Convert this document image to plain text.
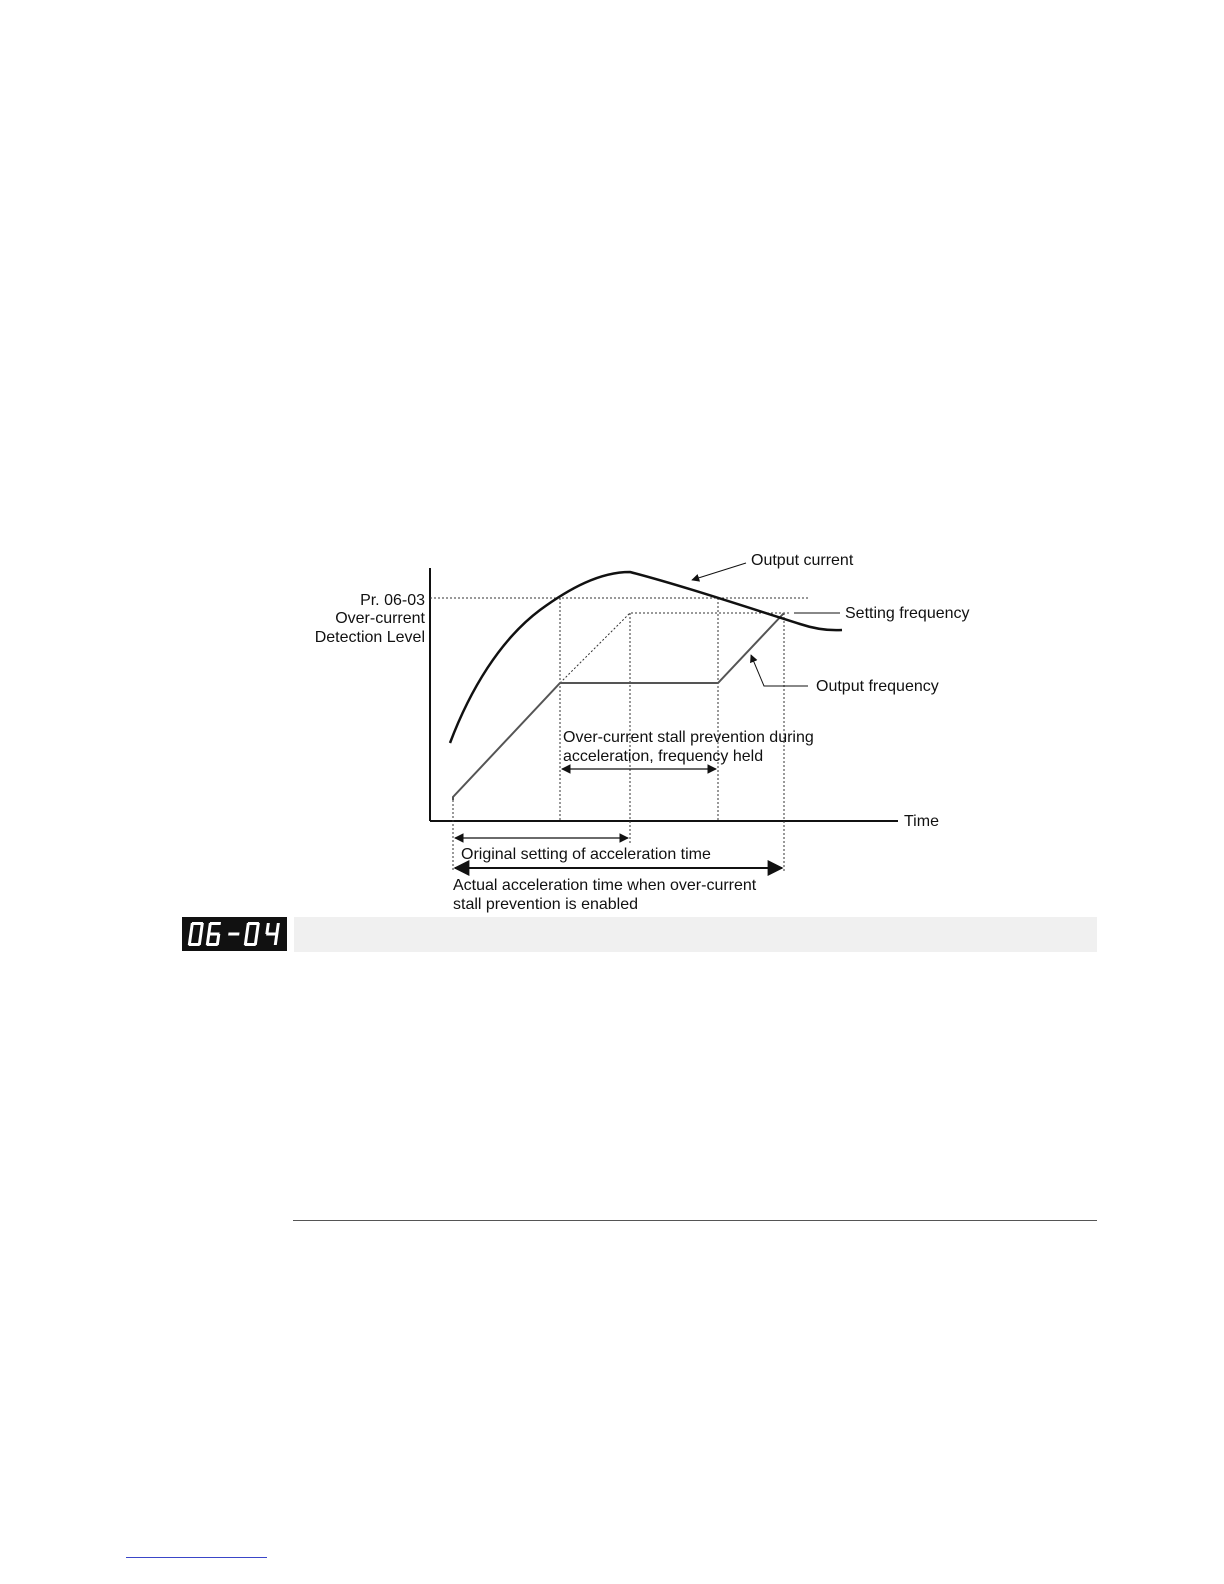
Pr. 06-03
Over-current
Detection Level
Time
Output current
Setting frequency
Output frequency
Over-current stall prevention during
acceleration, frequency held
Original setting of acceleration time
Actual acceleration time when over-current
stall prevention is enabled
